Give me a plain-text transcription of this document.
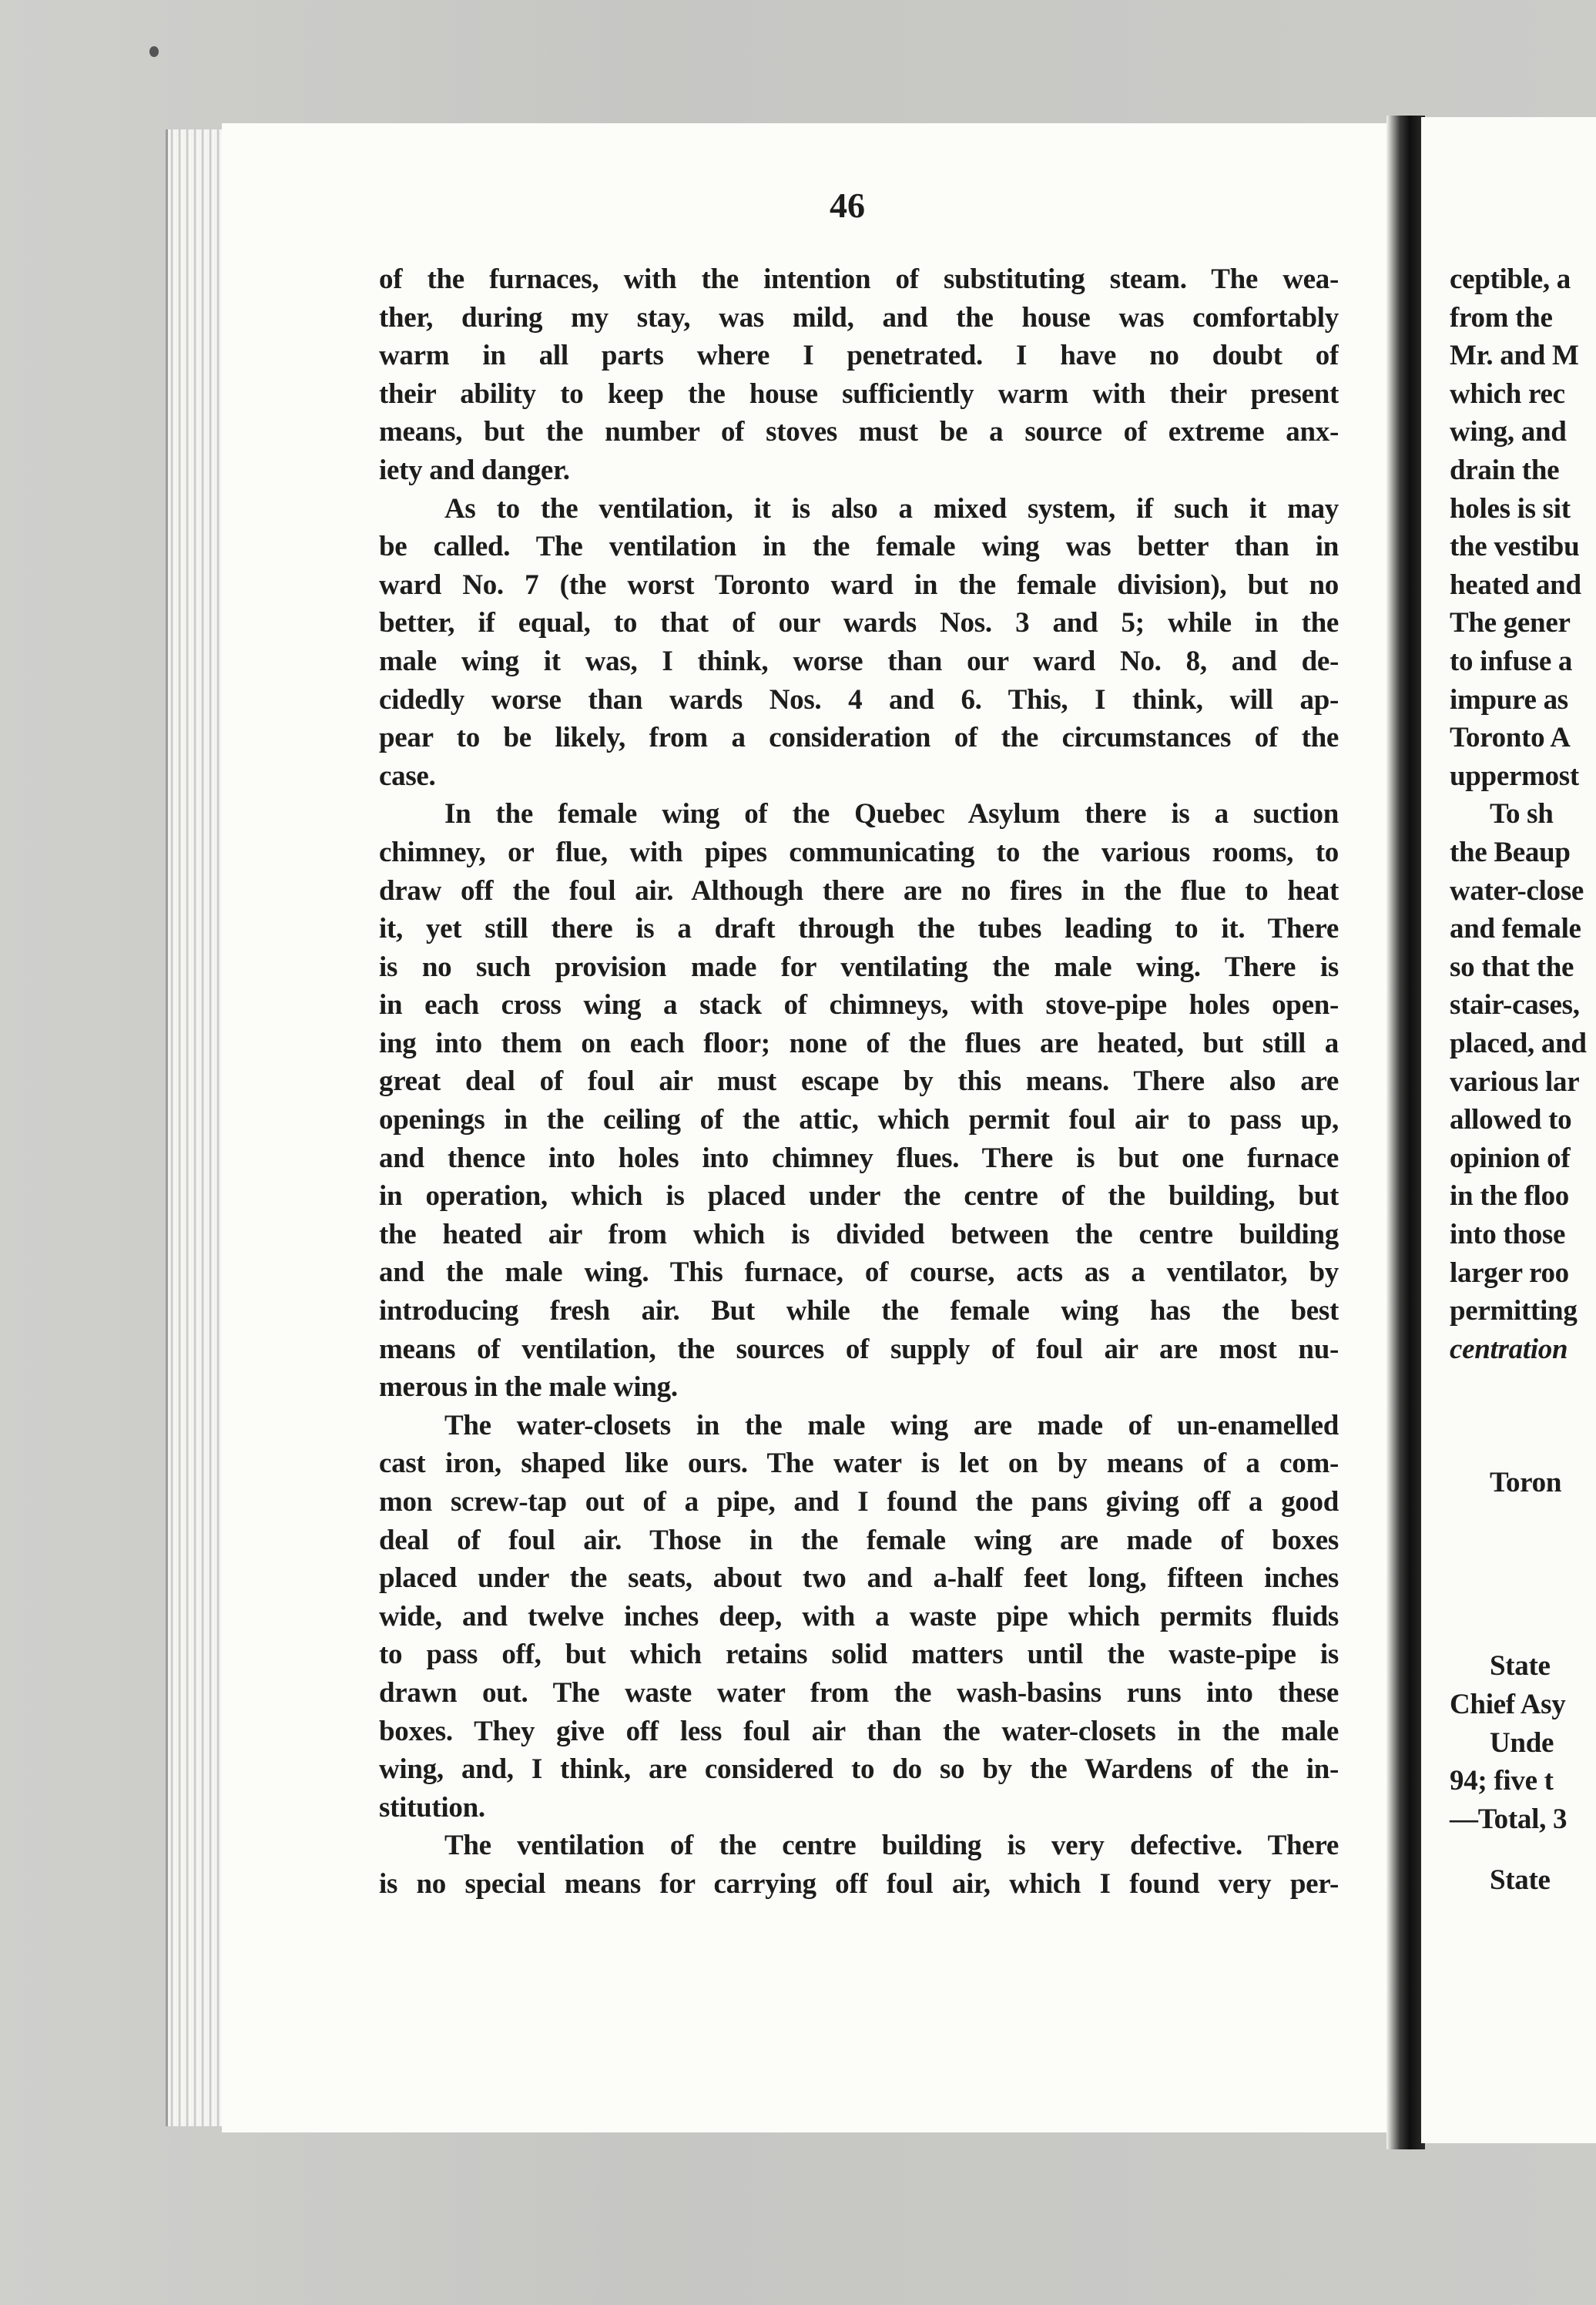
46
of the furnaces, with the intention of substituting steam. The wea-
ther, during my stay, was mild, and the house was comfortably
warm in all parts where I penetrated. I have no doubt of
their ability to keep the house sufficiently warm with their present
means, but the number of stoves must be a source of extreme anx-
iety and danger.
As to the ventilation, it is also a mixed system, if such it may
be called. The ventilation in the female wing was better than in
ward No. 7 (the worst Toronto ward in the female division), but no
better, if equal, to that of our wards Nos. 3 and 5; while in the
male wing it was, I think, worse than our ward No. 8, and de-
cidedly worse than wards Nos. 4 and 6. This, I think, will ap-
pear to be likely, from a consideration of the circumstances of the
case.
In the female wing of the Quebec Asylum there is a suction
chimney, or flue, with pipes communicating to the various rooms, to
draw off the foul air. Although there are no fires in the flue to heat
it, yet still there is a draft through the tubes leading to it. There
is no such provision made for ventilating the male wing. There is
in each cross wing a stack of chimneys, with stove-pipe holes open-
ing into them on each floor; none of the flues are heated, but still a
great deal of foul air must escape by this means. There also are
openings in the ceiling of the attic, which permit foul air to pass up,
and thence into holes into chimney flues. There is but one furnace
in operation, which is placed under the centre of the building, but
the heated air from which is divided between the centre building
and the male wing. This furnace, of course, acts as a ventilator, by
introducing fresh air. But while the female wing has the best
means of ventilation, the sources of supply of foul air are most nu-
merous in the male wing.
The water-closets in the male wing are made of un-enamelled
cast iron, shaped like ours. The water is let on by means of a com-
mon screw-tap out of a pipe, and I found the pans giving off a good
deal of foul air. Those in the female wing are made of boxes
placed under the seats, about two and a-half feet long, fifteen inches
wide, and twelve inches deep, with a waste pipe which permits fluids
to pass off, but which retains solid matters until the waste-pipe is
drawn out. The waste water from the wash-basins runs into these
boxes. They give off less foul air than the water-closets in the male
wing, and, I think, are considered to do so by the Wardens of the in-
stitution.
The ventilation of the centre building is very defective. There
is no special means for carrying off foul air, which I found very per-
ceptible, a
from the
Mr. and M
which rec
wing, and
drain the
holes is sit
the vestibu
heated and
The gener
to infuse a
impure as
Toronto A
uppermost
To sh
the Beaup
water-close
and female
so that the
stair-cases,
placed, and
various lar
allowed to
opinion of
in the floo
into those
larger roo
permitting
centration
Toron
State
Chief Asy
Unde
94; five t
—Total, 3
State
